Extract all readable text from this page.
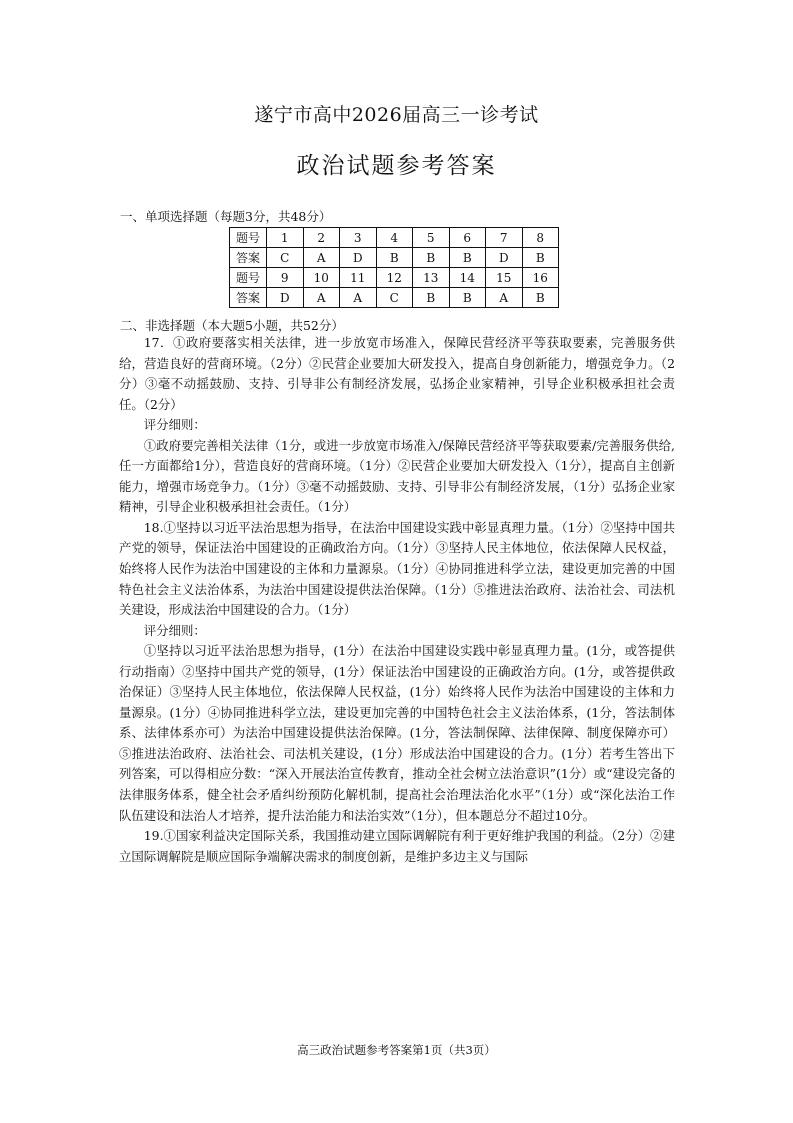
遂宁市高中2026届高三一诊考试
政治试题参考答案
一、单项选择题（每题3分，共48分）
题号	1	2	3	4	5	6	7	8
答案	C	A	D	B	B	B	D	B
题号	9	10	11	12	13	14	15	16
答案	D	A	A	C	B	B	A	B
二、非选择题（本大题5小题，共52分）

17．①政府要落实相关法律，进一步放宽市场准入，保障民营经济平等获取要素，完善服务供给，营造良好的营商环境。（2分）②民营企业要加大研发投入，提高自身创新能力，增强竞争力。（2分）③毫不动摇鼓励、支持、引导非公有制经济发展，弘扬企业家精神，引导企业积极承担社会责任。（2分）

评分细则：

①政府要完善相关法律（1分，或进一步放宽市场准入/保障民营经济平等获取要素/完善服务供给,任一方面都给1分），营造良好的营商环境。（1分）②民营企业要加大研发投入（1分），提高自主创新能力，增强市场竞争力。（1分）③毫不动摇鼓励、支持、引导非公有制经济发展，（1分）弘扬企业家精神，引导企业积极承担社会责任。（1分）

18.①坚持以习近平法治思想为指导，在法治中国建设实践中彰显真理力量。（1分）②坚持中国共产党的领导，保证法治中国建设的正确政治方向。（1分）③坚持人民主体地位，依法保障人民权益，始终将人民作为法治中国建设的主体和力量源泉。（1分）④协同推进科学立法，建设更加完善的中国特色社会主义法治体系，为法治中国建设提供法治保障。（1分）⑤推进法治政府、法治社会、司法机关建设，形成法治中国建设的合力。（1分）

评分细则：

①坚持以习近平法治思想为指导，(1分）在法治中国建设实践中彰显真理力量。(1分，或答提供行动指南）②坚持中国共产党的领导，(1分）保证法治中国建设的正确政治方向。(1分，或答提供政治保证）③坚持人民主体地位，依法保障人民权益，(1分）始终将人民作为法治中国建设的主体和力量源泉。(1分）④协同推进科学立法，建设更加完善的中国特色社会主义法治体系，(1分，答法制体系、法律体系亦可）为法治中国建设提供法治保障。(1分，答法制保障、法律保障、制度保障亦可）⑤推进法治政府、法治社会、司法机关建设，(1分）形成法治中国建设的合力。(1分）若考生答出下列答案，可以得相应分数：“深入开展法治宣传教育，推动全社会树立法治意识”(1分）或“建设完备的法律服务体系，健全社会矛盾纠纷预防化解机制，提高社会治理法治化水平”（1分）或“深化法治工作队伍建设和法治人才培养，提升法治能力和法治实效”（1分），但本题总分不超过10分。

19.①国家利益决定国际关系，我国推动建立国际调解院有利于更好维护我国的利益。（2分）②建立国际调解院是顺应国际争端解决需求的制度创新，是维护多边主义与国际

高三政治试题参考答案第1页（共3页）
